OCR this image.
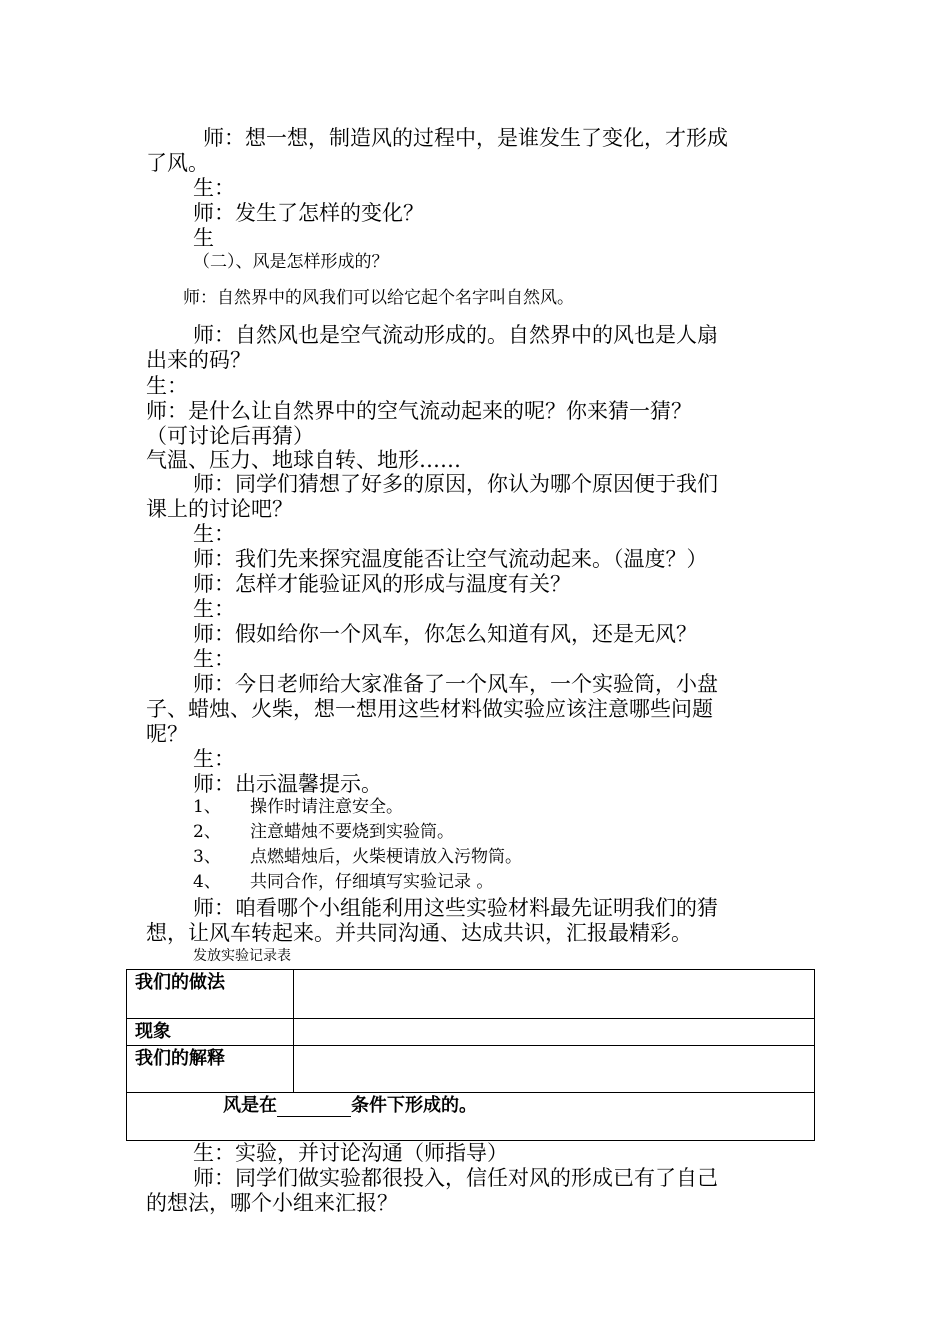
师：想一想，制造风的过程中，是谁发生了变化，才形成
了风。
生：
师：发生了怎样的变化？
生
（二）、风是怎样形成的？
师：自然界中的风我们可以给它起个名字叫自然风。
师：自然风也是空气流动形成的。自然界中的风也是人扇
出来的码？
生：
师：是什么让自然界中的空气流动起来的呢？你来猜一猜？
（可讨论后再猜）
气温、压力、地球自转、地形……
师：同学们猜想了好多的原因，你认为哪个原因便于我们
课上的讨论吧？
生：
师：我们先来探究温度能否让空气流动起来。（温度？）
师：怎样才能验证风的形成与温度有关？
生：
师：假如给你一个风车，你怎么知道有风，还是无风？
生：
师：今日老师给大家准备了一个风车，一个实验筒，小盘
子、蜡烛、火柴，想一想用这些材料做实验应该注意哪些问题
呢？
生：
师：出示温馨提示。
1、 操作时请注意安全。
2、 注意蜡烛不要烧到实验筒。
3、 点燃蜡烛后，火柴梗请放入污物筒。
4、 共同合作，仔细填写实验记录 。
师：咱看哪个小组能利用这些实验材料最先证明我们的猜
想，让风车转起来。并共同沟通、达成共识，汇报最精彩。
发放实验记录表
我们的做法	
现象	
我们的解释	
风是在 条件下形成的。	
生：实验，并讨论沟通（师指导）
师：同学们做实验都很投入，信任对风的形成已有了自己
的想法，哪个小组来汇报？
